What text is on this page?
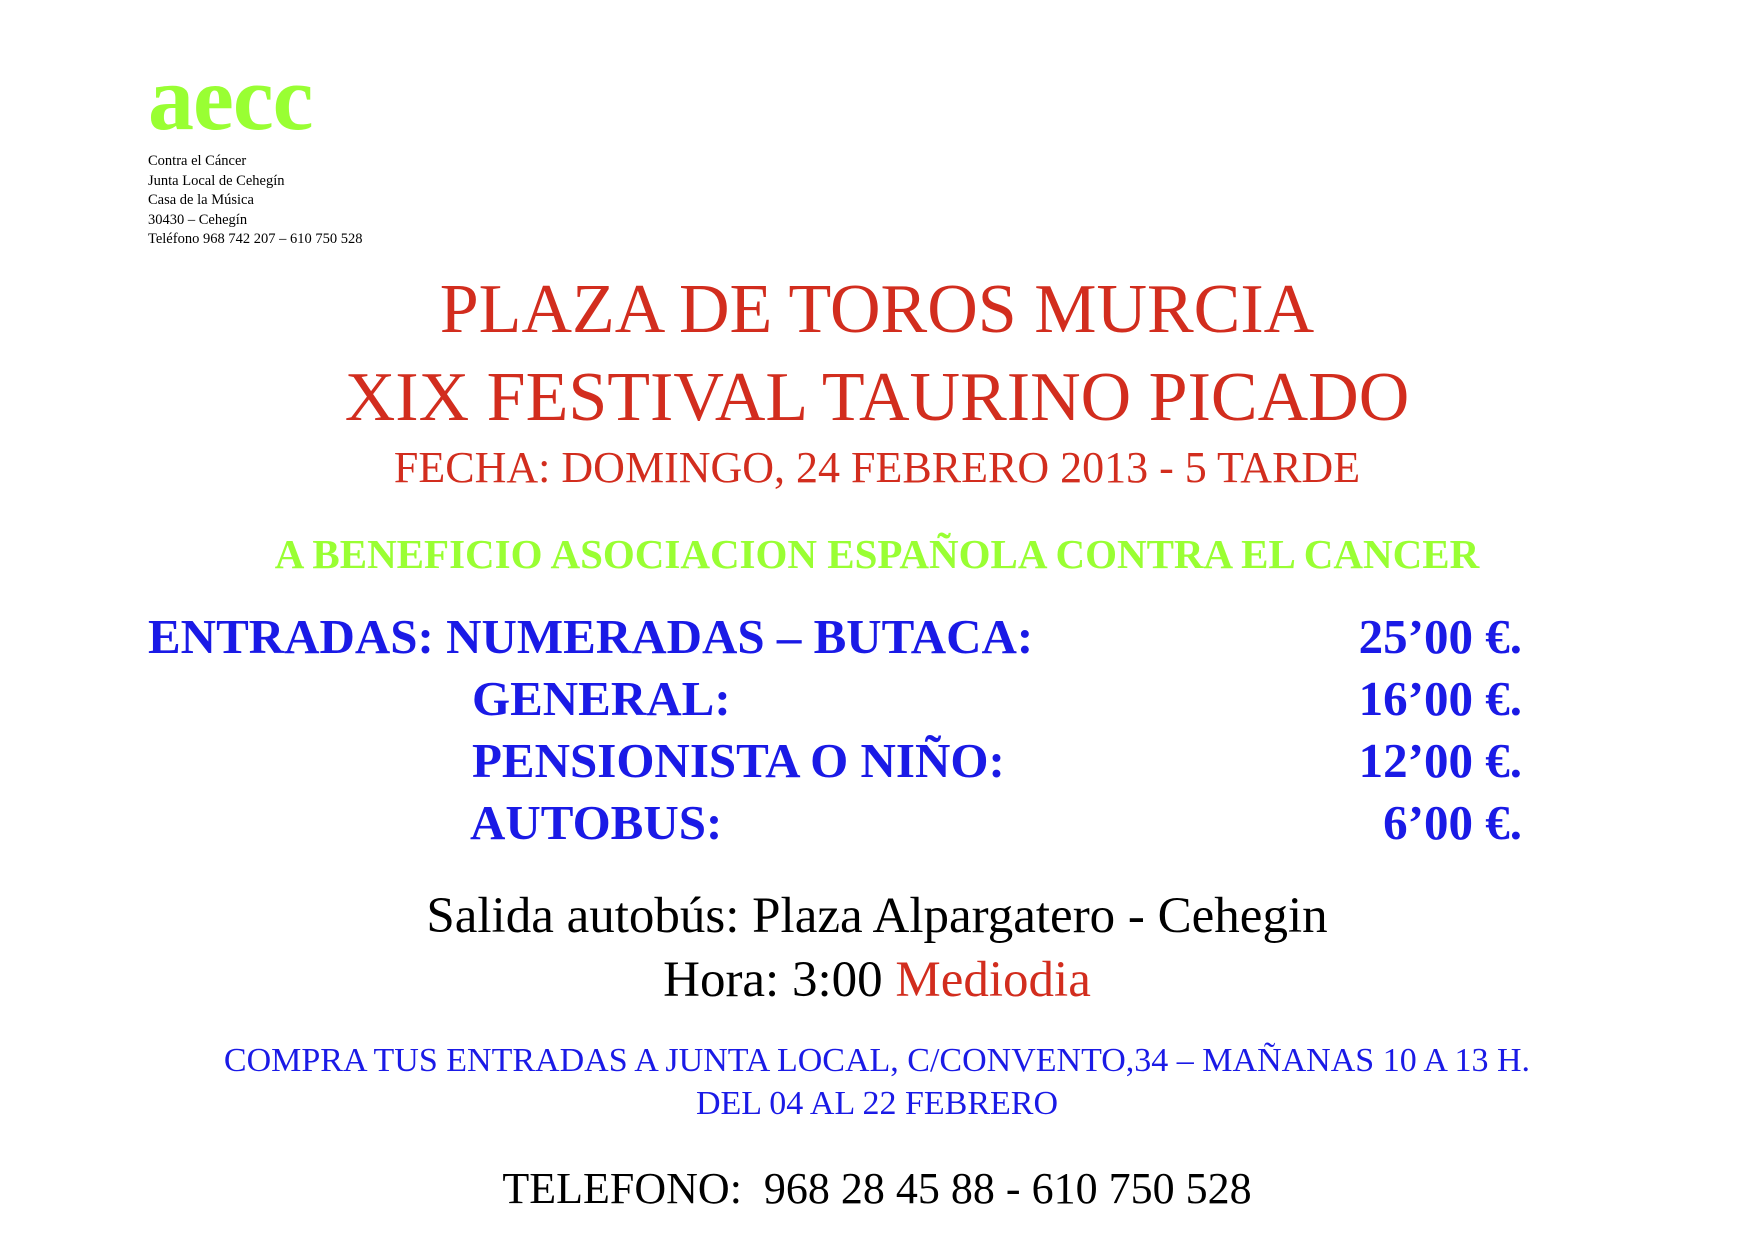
aecc
Contra el Cáncer
Junta Local de Cehegín
Casa de la Música
30430 – Cehegín
Teléfono 968 742 207 – 610 750 528
PLAZA DE TOROS MURCIA
XIX FESTIVAL TAURINO PICADO
FECHA: DOMINGO, 24 FEBRERO 2013 - 5 TARDE
A BENEFICIO ASOCIACION ESPAÑOLA CONTRA EL CANCER
ENTRADAS: NUMERADAS – BUTACA:	25’00 €.
GENERAL:	16’00 €.
PENSIONISTA O NIÑO:	12’00 €.
AUTOBUS:	6’00 €.
Salida autobús: Plaza Alpargatero - Cehegin
Hora: 3:00 Mediodia
COMPRA TUS ENTRADAS A JUNTA LOCAL, C/CONVENTO,34 – MAÑANAS 10 A 13 H.
DEL 04 AL 22 FEBRERO
TELEFONO:  968 28 45 88 - 610 750 528
